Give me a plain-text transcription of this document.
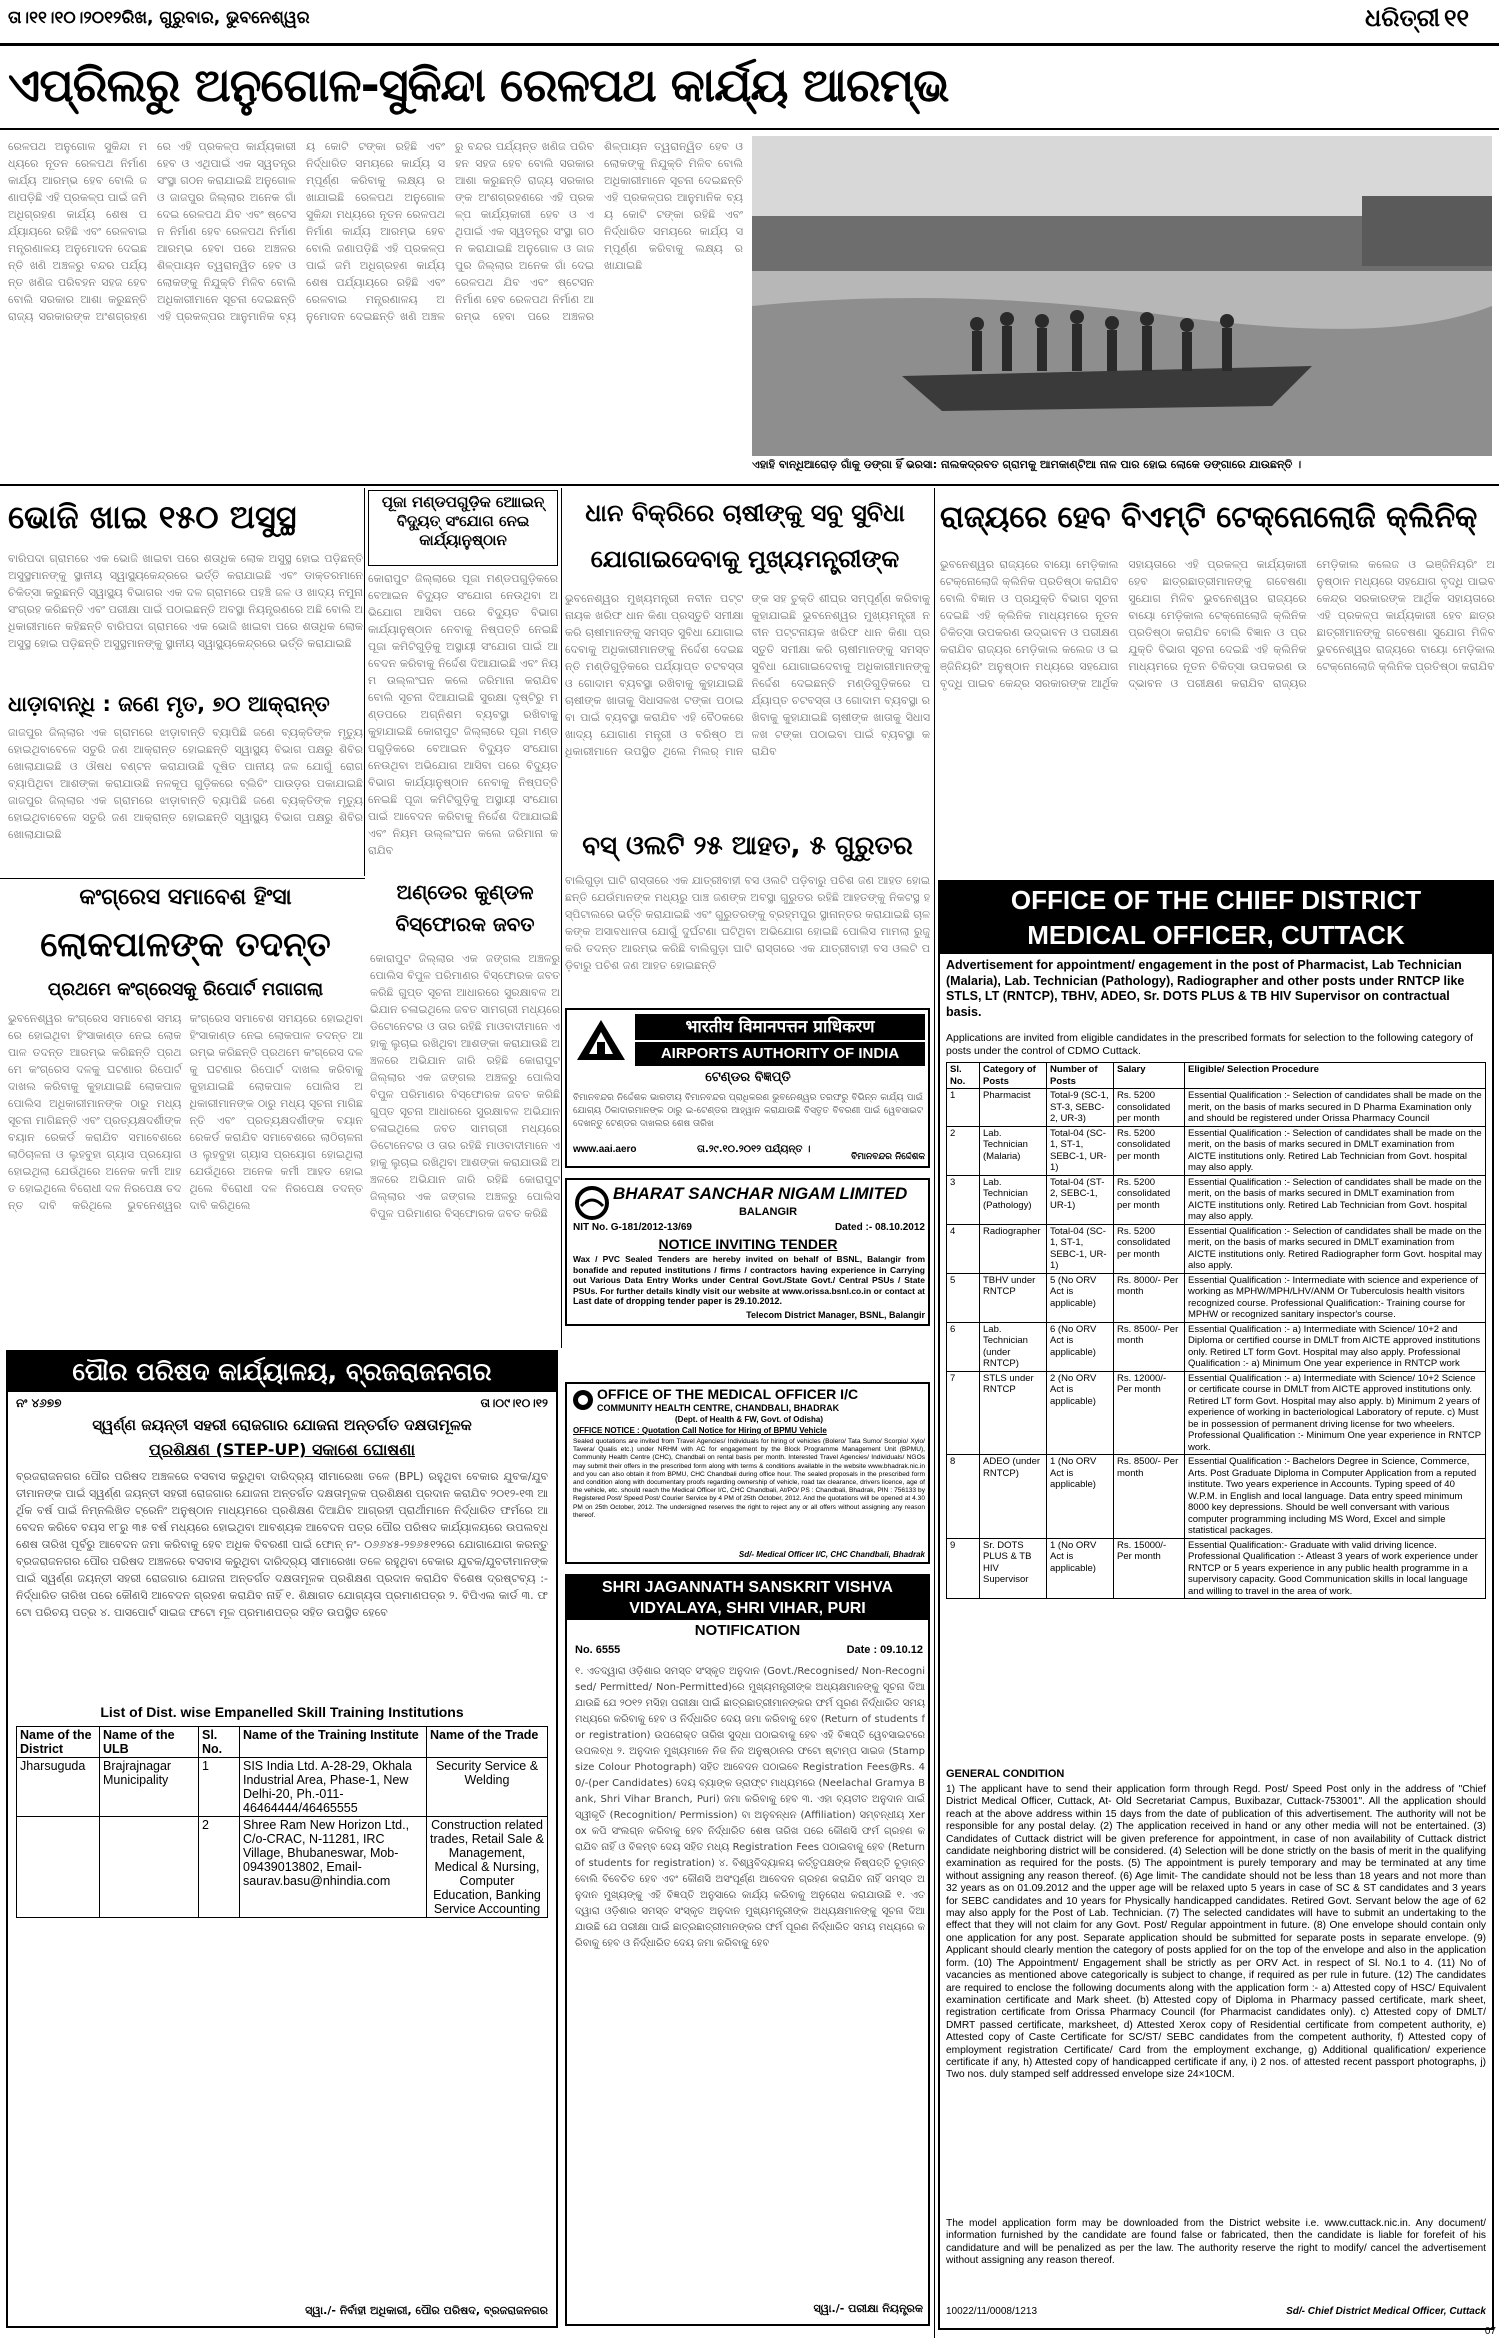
ତା।୧୧।୧୦।୨୦୧୨ରିଖ, ଗୁରୁବାର, ଭୁବନେଶ୍ୱର	ଧରିତ୍ରୀ ୧୧
ଏପ୍ରିଲରୁ ଅନୁଗୋଳ-ସୁକିନ୍ଦା ରେଳପଥ କାର୍ଯ୍ୟ ଆରମ୍ଭ
ରେଳପଥ ଅନୁଗୋଳ ସୁକିନ୍ଦା ମଧ୍ୟରେ ନୂତନ ରେଳପଥ ନିର୍ମାଣ କାର୍ଯ୍ୟ ଆରମ୍ଭ ହେବ ବୋଲି ଜଣାପଡ଼ିଛି ଏହି ପ୍ରକଳ୍ପ ପାଇଁ ଜମି ଅଧିଗ୍ରହଣ କାର୍ଯ୍ୟ ଶେଷ ପର୍ଯ୍ୟାୟରେ ରହିଛି ଏବଂ ରେଳବାଇ ମନ୍ତ୍ରଣାଳୟ ଅନୁମୋଦନ ଦେଇଛନ୍ତି ଖଣି ଅଞ୍ଚଳରୁ ବନ୍ଦର ପର୍ଯ୍ୟନ୍ତ ଖଣିଜ ପରିବହନ ସହଜ ହେବ ବୋଲି ସରକାର ଆଶା କରୁଛନ୍ତି ରାଜ୍ୟ ସରକାରଙ୍କ ଅଂଶଗ୍ରହଣରେ ଏହି ପ୍ରକଳ୍ପ କାର୍ଯ୍ୟକାରୀ ହେବ ଓ ଏଥିପାଇଁ ଏକ ସ୍ୱତନ୍ତ୍ର ସଂସ୍ଥା ଗଠନ କରାଯାଇଛି ଅନୁଗୋଳ ଓ ଜାଜପୁର ଜିଲ୍ଲାର ଅନେକ ଗାଁ ଦେଇ ରେଳପଥ ଯିବ ଏବଂ ଷ୍ଟେସନ ନିର୍ମାଣ ହେବ ରେଳପଥ ନିର୍ମାଣ ଆରମ୍ଭ ହେବା ପରେ ଅଞ୍ଚଳର ଶିଳ୍ପାୟନ ତ୍ୱରାନ୍ୱିତ ହେବ ଓ ଲୋକଙ୍କୁ ନିଯୁକ୍ତି ମିଳିବ ବୋଲି ଅଧିକାରୀମାନେ ସୂଚନା ଦେଇଛନ୍ତି ଏହି ପ୍ରକଳ୍ପର ଆନୁମାନିକ ବ୍ୟୟ କୋଟି ଟଙ୍କା ରହିଛି ଏବଂ ନିର୍ଦ୍ଧାରିତ ସମୟରେ କାର୍ଯ୍ୟ ସମ୍ପୂର୍ଣ୍ଣ କରିବାକୁ ଲକ୍ଷ୍ୟ ରଖାଯାଇଛି ରେଳପଥ ଅନୁଗୋଳ ସୁକିନ୍ଦା ମଧ୍ୟରେ ନୂତନ ରେଳପଥ ନିର୍ମାଣ କାର୍ଯ୍ୟ ଆରମ୍ଭ ହେବ ବୋଲି ଜଣାପଡ଼ିଛି ଏହି ପ୍ରକଳ୍ପ ପାଇଁ ଜମି ଅଧିଗ୍ରହଣ କାର୍ଯ୍ୟ ଶେଷ ପର୍ଯ୍ୟାୟରେ ରହିଛି ଏବଂ ରେଳବାଇ ମନ୍ତ୍ରଣାଳୟ ଅନୁମୋଦନ ଦେଇଛନ୍ତି ଖଣି ଅଞ୍ଚଳରୁ ବନ୍ଦର ପର୍ଯ୍ୟନ୍ତ ଖଣିଜ ପରିବହନ ସହଜ ହେବ ବୋଲି ସରକାର ଆଶା କରୁଛନ୍ତି ରାଜ୍ୟ ସରକାରଙ୍କ ଅଂଶଗ୍ରହଣରେ ଏହି ପ୍ରକଳ୍ପ କାର୍ଯ୍ୟକାରୀ ହେବ ଓ ଏଥିପାଇଁ ଏକ ସ୍ୱତନ୍ତ୍ର ସଂସ୍ଥା ଗଠନ କରାଯାଇଛି ଅନୁଗୋଳ ଓ ଜାଜପୁର ଜିଲ୍ଲାର ଅନେକ ଗାଁ ଦେଇ ରେଳପଥ ଯିବ ଏବଂ ଷ୍ଟେସନ ନିର୍ମାଣ ହେବ ରେଳପଥ ନିର୍ମାଣ ଆରମ୍ଭ ହେବା ପରେ ଅଞ୍ଚଳର ଶିଳ୍ପାୟନ ତ୍ୱରାନ୍ୱିତ ହେବ ଓ ଲୋକଙ୍କୁ ନିଯୁକ୍ତି ମିଳିବ ବୋଲି ଅଧିକାରୀମାନେ ସୂଚନା ଦେଇଛନ୍ତି ଏହି ପ୍ରକଳ୍ପର ଆନୁମାନିକ ବ୍ୟୟ କୋଟି ଟଙ୍କା ରହିଛି ଏବଂ ନିର୍ଦ୍ଧାରିତ ସମୟରେ କାର୍ଯ୍ୟ ସମ୍ପୂର୍ଣ୍ଣ କରିବାକୁ ଲକ୍ଷ୍ୟ ରଖାଯାଇଛି
ଏହାହି ବାନ୍ଧିଆରୋଡ଼ ଗାଁକୁ ଡଙ୍ଗା ହିଁ ଭରସା: ନାଲକଦ୍ରବତ ଗ୍ରାମକୁ ଆମକାଣ୍ଟିଆ ନାଳ ପାର ହୋଇ ଲୋକେ ଡଙ୍ଗାରେ ଯାଉଛନ୍ତି ।
ଭୋଜି ଖାଇ ୧୫୦ ଅସୁସ୍ଥ
ବାରିପଦା ଗ୍ରାମରେ ଏକ ଭୋଜି ଖାଇବା ପରେ ଶତାଧିକ ଲୋକ ଅସୁସ୍ଥ ହୋଇ ପଡ଼ିଛନ୍ତି ଅସୁସ୍ଥମାନଙ୍କୁ ସ୍ଥାନୀୟ ସ୍ୱାସ୍ଥ୍ୟକେନ୍ଦ୍ରରେ ଭର୍ତ୍ତି କରାଯାଇଛି ଏବଂ ଡାକ୍ତରମାନେ ଚିକିତ୍ସା କରୁଛନ୍ତି ସ୍ୱାସ୍ଥ୍ୟ ବିଭାଗର ଏକ ଦଳ ଗ୍ରାମରେ ପହଞ୍ଚି ଜଳ ଓ ଖାଦ୍ୟ ନମୁନା ସଂଗ୍ରହ କରିଛନ୍ତି ଏବଂ ପରୀକ୍ଷା ପାଇଁ ପଠାଇଛନ୍ତି ଅବସ୍ଥା ନିୟନ୍ତ୍ରଣରେ ଅଛି ବୋଲି ଅଧିକାରୀମାନେ କହିଛନ୍ତି ବାରିପଦା ଗ୍ରାମରେ ଏକ ଭୋଜି ଖାଇବା ପରେ ଶତାଧିକ ଲୋକ ଅସୁସ୍ଥ ହୋଇ ପଡ଼ିଛନ୍ତି ଅସୁସ୍ଥମାନଙ୍କୁ ସ୍ଥାନୀୟ ସ୍ୱାସ୍ଥ୍ୟକେନ୍ଦ୍ରରେ ଭର୍ତ୍ତି କରାଯାଇଛି
ଧାଡ଼ାବାନ୍ଧି : ଜଣେ ମୃତ, ୭୦ ଆକ୍ରାନ୍ତ
ଜାଜପୁର ଜିଲ୍ଲାର ଏକ ଗ୍ରାମରେ ଝାଡ଼ାବାନ୍ତି ବ୍ୟାପିଛି ଜଣେ ବ୍ୟକ୍ତିଙ୍କ ମୃତ୍ୟୁ ହୋଇଥିବାବେଳେ ସତୁରି ଜଣ ଆକ୍ରାନ୍ତ ହୋଇଛନ୍ତି ସ୍ୱାସ୍ଥ୍ୟ ବିଭାଗ ପକ୍ଷରୁ ଶିବିର ଖୋଲାଯାଇଛି ଓ ଔଷଧ ବଣ୍ଟନ କରାଯାଉଛି ଦୂଷିତ ପାନୀୟ ଜଳ ଯୋଗୁଁ ରୋଗ ବ୍ୟାପିଥିବା ଆଶଙ୍କା କରାଯାଉଛି ନଳକୂପ ଗୁଡ଼ିକରେ ବ୍ଲିଚିଂ ପାଉଡ଼ର ପକାଯାଇଛି ଜାଜପୁର ଜିଲ୍ଲାର ଏକ ଗ୍ରାମରେ ଝାଡ଼ାବାନ୍ତି ବ୍ୟାପିଛି ଜଣେ ବ୍ୟକ୍ତିଙ୍କ ମୃତ୍ୟୁ ହୋଇଥିବାବେଳେ ସତୁରି ଜଣ ଆକ୍ରାନ୍ତ ହୋଇଛନ୍ତି ସ୍ୱାସ୍ଥ୍ୟ ବିଭାଗ ପକ୍ଷରୁ ଶିବିର ଖୋଲାଯାଇଛି
ପୂଜା ମଣ୍ଡପଗୁଡ଼ିକ ଆୋଇନ୍ ବିଦ୍ୟୁତ୍ ସଂଯୋଗ ନେଇ କାର୍ଯ୍ୟାନୁଷ୍ଠାନ
କୋରାପୁଟ ଜିଲ୍ଲାରେ ପୂଜା ମଣ୍ଡପଗୁଡ଼ିକରେ ବେଆଇନ ବିଦ୍ୟୁତ ସଂଯୋଗ ନେଉଥିବା ଅଭିଯୋଗ ଆସିବା ପରେ ବିଦ୍ୟୁତ ବିଭାଗ କାର୍ଯ୍ୟାନୁଷ୍ଠାନ ନେବାକୁ ନିଷ୍ପତ୍ତି ନେଇଛି ପୂଜା କମିଟିଗୁଡ଼ିକୁ ଅସ୍ଥାୟୀ ସଂଯୋଗ ପାଇଁ ଆବେଦନ କରିବାକୁ ନିର୍ଦ୍ଦେଶ ଦିଆଯାଇଛି ଏବଂ ନିୟମ ଉଲ୍ଲଂଘନ କଲେ ଜରିମାନା କରାଯିବ ବୋଲି ସୂଚନା ଦିଆଯାଇଛି ସୁରକ୍ଷା ଦୃଷ୍ଟିରୁ ମଣ୍ଡପରେ ଅଗ୍ନିଶମ ବ୍ୟବସ୍ଥା ରଖିବାକୁ କୁହାଯାଇଛି କୋରାପୁଟ ଜିଲ୍ଲାରେ ପୂଜା ମଣ୍ଡପଗୁଡ଼ିକରେ ବେଆଇନ ବିଦ୍ୟୁତ ସଂଯୋଗ ନେଉଥିବା ଅଭିଯୋଗ ଆସିବା ପରେ ବିଦ୍ୟୁତ ବିଭାଗ କାର୍ଯ୍ୟାନୁଷ୍ଠାନ ନେବାକୁ ନିଷ୍ପତ୍ତି ନେଇଛି ପୂଜା କମିଟିଗୁଡ଼ିକୁ ଅସ୍ଥାୟୀ ସଂଯୋଗ ପାଇଁ ଆବେଦନ କରିବାକୁ ନିର୍ଦ୍ଦେଶ ଦିଆଯାଇଛି ଏବଂ ନିୟମ ଉଲ୍ଲଂଘନ କଲେ ଜରିମାନା କରାଯିବ
ଧାନ ବିକ୍ରିରେ ଚାଷୀଙ୍କୁ ସବୁ ସୁବିଧା ଯୋଗାଇଦେବାକୁ ମୁଖ୍ୟମନ୍ତ୍ରୀଙ୍କ
ଭୁବନେଶ୍ୱର ମୁଖ୍ୟମନ୍ତ୍ରୀ ନବୀନ ପଟ୍ଟନାୟକ ଖରିଫ ଧାନ କିଣା ପ୍ରସ୍ତୁତି ସମୀକ୍ଷା କରି ଚାଷୀମାନଙ୍କୁ ସମସ୍ତ ସୁବିଧା ଯୋଗାଇଦେବାକୁ ଅଧିକାରୀମାନଙ୍କୁ ନିର୍ଦ୍ଦେଶ ଦେଇଛନ୍ତି ମଣ୍ଡିଗୁଡ଼ିକରେ ପର୍ଯ୍ୟାପ୍ତ ଚଟବସ୍ତା ଓ ଗୋଦାମ ବ୍ୟବସ୍ଥା ରଖିବାକୁ କୁହାଯାଇଛି ଚାଷୀଙ୍କ ଖାତାକୁ ସିଧାସଳଖ ଟଙ୍କା ପଠାଇବା ପାଇଁ ବ୍ୟବସ୍ଥା କରାଯିବ ଏହି ବୈଠକରେ ଖାଦ୍ୟ ଯୋଗାଣ ମନ୍ତ୍ରୀ ଓ ବରିଷ୍ଠ ଅଧିକାରୀମାନେ ଉପସ୍ଥିତ ଥିଲେ ମିଲର୍ ମାନଙ୍କ ସହ ଚୁକ୍ତି ଶୀଘ୍ର ସମ୍ପୂର୍ଣ୍ଣ କରିବାକୁ କୁହାଯାଇଛି ଭୁବନେଶ୍ୱର ମୁଖ୍ୟମନ୍ତ୍ରୀ ନବୀନ ପଟ୍ଟନାୟକ ଖରିଫ ଧାନ କିଣା ପ୍ରସ୍ତୁତି ସମୀକ୍ଷା କରି ଚାଷୀମାନଙ୍କୁ ସମସ୍ତ ସୁବିଧା ଯୋଗାଇଦେବାକୁ ଅଧିକାରୀମାନଙ୍କୁ ନିର୍ଦ୍ଦେଶ ଦେଇଛନ୍ତି ମଣ୍ଡିଗୁଡ଼ିକରେ ପର୍ଯ୍ୟାପ୍ତ ଚଟବସ୍ତା ଓ ଗୋଦାମ ବ୍ୟବସ୍ଥା ରଖିବାକୁ କୁହାଯାଇଛି ଚାଷୀଙ୍କ ଖାତାକୁ ସିଧାସଳଖ ଟଙ୍କା ପଠାଇବା ପାଇଁ ବ୍ୟବସ୍ଥା କରାଯିବ
ରାଜ୍ୟରେ ହେବ ବିଏମ୍‌ଟି ଟେକ୍ନୋଲୋଜି କ୍ଲିନିକ୍
ଭୁବନେଶ୍ୱର ରାଜ୍ୟରେ ବାୟୋ ମେଡ଼ିକାଲ ଟେକ୍ନୋଲୋଜି କ୍ଲିନିକ ପ୍ରତିଷ୍ଠା କରାଯିବ ବୋଲି ବିଜ୍ଞାନ ଓ ପ୍ରଯୁକ୍ତି ବିଭାଗ ସୂଚନା ଦେଇଛି ଏହି କ୍ଲିନିକ ମାଧ୍ୟମରେ ନୂତନ ଚିକିତ୍ସା ଉପକରଣ ଉଦ୍ଭାବନ ଓ ପରୀକ୍ଷଣ କରାଯିବ ରାଜ୍ୟର ମେଡ଼ିକାଲ କଲେଜ ଓ ଇଞ୍ଜିନିୟରିଂ ଅନୁଷ୍ଠାନ ମଧ୍ୟରେ ସହଯୋଗ ବୃଦ୍ଧି ପାଇବ କେନ୍ଦ୍ର ସରକାରଙ୍କ ଆର୍ଥିକ ସହାୟତାରେ ଏହି ପ୍ରକଳ୍ପ କାର୍ଯ୍ୟକାରୀ ହେବ ଛାତ୍ରଛାତ୍ରୀମାନଙ୍କୁ ଗବେଷଣା ସୁଯୋଗ ମିଳିବ ଭୁବନେଶ୍ୱର ରାଜ୍ୟରେ ବାୟୋ ମେଡ଼ିକାଲ ଟେକ୍ନୋଲୋଜି କ୍ଲିନିକ ପ୍ରତିଷ୍ଠା କରାଯିବ ବୋଲି ବିଜ୍ଞାନ ଓ ପ୍ରଯୁକ୍ତି ବିଭାଗ ସୂଚନା ଦେଇଛି ଏହି କ୍ଲିନିକ ମାଧ୍ୟମରେ ନୂତନ ଚିକିତ୍ସା ଉପକରଣ ଉଦ୍ଭାବନ ଓ ପରୀକ୍ଷଣ କରାଯିବ ରାଜ୍ୟର ମେଡ଼ିକାଲ କଲେଜ ଓ ଇଞ୍ଜିନିୟରିଂ ଅନୁଷ୍ଠାନ ମଧ୍ୟରେ ସହଯୋଗ ବୃଦ୍ଧି ପାଇବ କେନ୍ଦ୍ର ସରକାରଙ୍କ ଆର୍ଥିକ ସହାୟତାରେ ଏହି ପ୍ରକଳ୍ପ କାର୍ଯ୍ୟକାରୀ ହେବ ଛାତ୍ରଛାତ୍ରୀମାନଙ୍କୁ ଗବେଷଣା ସୁଯୋଗ ମିଳିବ ଭୁବନେଶ୍ୱର ରାଜ୍ୟରେ ବାୟୋ ମେଡ଼ିକାଲ ଟେକ୍ନୋଲୋଜି କ୍ଲିନିକ ପ୍ରତିଷ୍ଠା କରାଯିବ
କଂଗ୍ରେସ ସମାବେଶ ହିଂସା
ଲୋକପାଳଙ୍କ ତଦନ୍ତ
ପ୍ରଥମେ କଂଗ୍ରେସକୁ ରିପୋର୍ଟ ମଗାଗଲା
ଭୁବନେଶ୍ୱର କଂଗ୍ରେସ ସମାବେଶ ସମୟରେ ହୋଇଥିବା ହିଂସାକାଣ୍ଡ ନେଇ ଲୋକପାଳ ତଦନ୍ତ ଆରମ୍ଭ କରିଛନ୍ତି ପ୍ରଥମେ କଂଗ୍ରେସ ଦଳକୁ ଘଟଣାର ରିପୋର୍ଟ ଦାଖଲ କରିବାକୁ କୁହାଯାଇଛି ଲୋକପାଳ ପୋଲିସ ଅଧିକାରୀମାନଙ୍କ ଠାରୁ ମଧ୍ୟ ସୂଚନା ମାଗିଛନ୍ତି ଏବଂ ପ୍ରତ୍ୟକ୍ଷଦର୍ଶୀଙ୍କ ବୟାନ ରେକର୍ଡ କରାଯିବ ସମାବେଶରେ ଲାଠିଚାଳନା ଓ ଲୁହବୁହା ଗ୍ୟାସ ପ୍ରୟୋଗ ହୋଇଥିଲା ଯେଉଁଥିରେ ଅନେକ କର୍ମୀ ଆହତ ହୋଇଥିଲେ ବିରୋଧୀ ଦଳ ନିରପେକ୍ଷ ତଦନ୍ତ ଦାବି କରିଥିଲେ ଭୁବନେଶ୍ୱର କଂଗ୍ରେସ ସମାବେଶ ସମୟରେ ହୋଇଥିବା ହିଂସାକାଣ୍ଡ ନେଇ ଲୋକପାଳ ତଦନ୍ତ ଆରମ୍ଭ କରିଛନ୍ତି ପ୍ରଥମେ କଂଗ୍ରେସ ଦଳକୁ ଘଟଣାର ରିପୋର୍ଟ ଦାଖଲ କରିବାକୁ କୁହାଯାଇଛି ଲୋକପାଳ ପୋଲିସ ଅଧିକାରୀମାନଙ୍କ ଠାରୁ ମଧ୍ୟ ସୂଚନା ମାଗିଛନ୍ତି ଏବଂ ପ୍ରତ୍ୟକ୍ଷଦର୍ଶୀଙ୍କ ବୟାନ ରେକର୍ଡ କରାଯିବ ସମାବେଶରେ ଲାଠିଚାଳନା ଓ ଲୁହବୁହା ଗ୍ୟାସ ପ୍ରୟୋଗ ହୋଇଥିଲା ଯେଉଁଥିରେ ଅନେକ କର୍ମୀ ଆହତ ହୋଇଥିଲେ ବିରୋଧୀ ଦଳ ନିରପେକ୍ଷ ତଦନ୍ତ ଦାବି କରିଥିଲେ
ଅଣ୍ଡେର କୁଣ୍ଡଳ ବିସ୍ଫୋରକ ଜବତ
କୋରାପୁଟ ଜିଲ୍ଲାର ଏକ ଜଙ୍ଗଲ ଅଞ୍ଚଳରୁ ପୋଲିସ ବିପୁଳ ପରିମାଣର ବିସ୍ଫୋରକ ଜବତ କରିଛି ଗୁପ୍ତ ସୂଚନା ଆଧାରରେ ସୁରକ୍ଷାବଳ ଅଭିଯାନ ଚଳାଇଥିଲେ ଜବତ ସାମଗ୍ରୀ ମଧ୍ୟରେ ଡିଟୋନେଟର ଓ ତାର ରହିଛି ମାଓବାଦୀମାନେ ଏହାକୁ ଲୁଚାଇ ରଖିଥିବା ଆଶଙ୍କା କରାଯାଉଛି ଅଞ୍ଚଳରେ ଅଭିଯାନ ଜାରି ରହିଛି କୋରାପୁଟ ଜିଲ୍ଲାର ଏକ ଜଙ୍ଗଲ ଅଞ୍ଚଳରୁ ପୋଲିସ ବିପୁଳ ପରିମାଣର ବିସ୍ଫୋରକ ଜବତ କରିଛି ଗୁପ୍ତ ସୂଚନା ଆଧାରରେ ସୁରକ୍ଷାବଳ ଅଭିଯାନ ଚଳାଇଥିଲେ ଜବତ ସାମଗ୍ରୀ ମଧ୍ୟରେ ଡିଟୋନେଟର ଓ ତାର ରହିଛି ମାଓବାଦୀମାନେ ଏହାକୁ ଲୁଚାଇ ରଖିଥିବା ଆଶଙ୍କା କରାଯାଉଛି ଅଞ୍ଚଳରେ ଅଭିଯାନ ଜାରି ରହିଛି କୋରାପୁଟ ଜିଲ୍ଲାର ଏକ ଜଙ୍ଗଲ ଅଞ୍ଚଳରୁ ପୋଲିସ ବିପୁଳ ପରିମାଣର ବିସ୍ଫୋରକ ଜବତ କରିଛି
ବସ୍ ଓଲଟି ୨୫ ଆହତ, ୫ ଗୁରୁତର
ବାଲିଗୁଡ଼ା ଘାଟି ରାସ୍ତାରେ ଏକ ଯାତ୍ରୀବାହୀ ବସ ଓଲଟି ପଡ଼ିବାରୁ ପଚିଶ ଜଣ ଆହତ ହୋଇଛନ୍ତି ଯେଉଁମାନଙ୍କ ମଧ୍ୟରୁ ପାଞ୍ଚ ଜଣଙ୍କ ଅବସ୍ଥା ଗୁରୁତର ରହିଛି ଆହତଙ୍କୁ ନିକଟସ୍ଥ ହସ୍ପିଟାଲରେ ଭର୍ତ୍ତି କରାଯାଇଛି ଏବଂ ଗୁରୁତରଙ୍କୁ ବ୍ରହ୍ମପୁର ସ୍ଥାନାନ୍ତର କରାଯାଇଛି ଚାଳକଙ୍କ ଅସାବଧାନତା ଯୋଗୁଁ ଦୁର୍ଘଟଣା ଘଟିଥିବା ଅଭିଯୋଗ ହୋଇଛି ପୋଲିସ ମାମଲା ରୁଜୁ କରି ତଦନ୍ତ ଆରମ୍ଭ କରିଛି ବାଲିଗୁଡ଼ା ଘାଟି ରାସ୍ତାରେ ଏକ ଯାତ୍ରୀବାହୀ ବସ ଓଲଟି ପଡ଼ିବାରୁ ପଚିଶ ଜଣ ଆହତ ହୋଇଛନ୍ତି
भारतीय विमानपत्तन प्राधिकरण
AIRPORTS AUTHORITY OF INDIA
ଟେଣ୍ଡର ବିଜ୍ଞପ୍ତି
ବିମାନବନ୍ଦର ନିର୍ଦ୍ଦେଶକ ଭାରତୀୟ ବିମାନବନ୍ଦର ପ୍ରାଧିକରଣ ଭୁବନେଶ୍ୱର ତରଫରୁ ବିଭିନ୍ନ କାର୍ଯ୍ୟ ପାଇଁ ଯୋଗ୍ୟ ଠିକାଦାରମାନଙ୍କ ଠାରୁ ଇ-ଟେଣ୍ଡର ଆହ୍ୱାନ କରାଯାଉଛି ବିସ୍ତୃତ ବିବରଣୀ ପାଇଁ ୱେବସାଇଟ ଦେଖନ୍ତୁ ଟେଣ୍ଡର ଦାଖଲର ଶେଷ ତାରିଖ
www.aai.aero	ତା.୨୯.୧୦.୨୦୧୨ ପର୍ଯ୍ୟନ୍ତ ।
ବିମାନବନ୍ଦର ନିର୍ଦ୍ଦେଶକ
BHARAT SANCHAR NIGAM LIMITED
BALANGIR
NIT No. G-181/2012-13/69	Dated :- 08.10.2012
NOTICE INVITING TENDER
Wax / PVC Sealed Tenders are hereby invited on behalf of BSNL, Balangir from bonafide and reputed institutions / firms / contractors having experience in Carrying out Various Data Entry Works under Central Govt./State Govt./ Central PSUs / State PSUs. For further details kindly visit our website at www.orissa.bsnl.co.in or contact at
Last date of dropping tender paper is 29.10.2012.
Telecom District Manager, BSNL, Balangir
OFFICE OF THE MEDICAL OFFICER I/C
COMMUNITY HEALTH CENTRE, CHANDBALI, BHADRAK
(Dept. of Health & FW, Govt. of Odisha)
OFFICE NOTICE : Quotation Call Notice for Hiring of BPMU Vehicle
Sealed quotations are invited from Travel Agencies/ Individuals for hiring of vehicles (Bolero/ Tata Sumo/ Scorpio/ Xylo/ Tavera/ Qualis etc.) under NRHM with AC for engagement by the Block Programme Management Unit (BPMU), Community Health Centre (CHC), Chandbali on rental basis per month. Interested Travel Agencies/ Individuals/ NGOs may submit their offers in the prescribed form along with terms & conditions available in the website www.bhadrak.nic.in and you can also obtain it from BPMU, CHC Chandbali during office hour. The sealed proposals in the prescribed form and condition along with documentary proofs regarding ownership of vehicle, road tax clearance, drivers licence, age of the vehicle, etc. should reach the Medical Officer I/C, CHC Chandbali, At/PO/ PS : Chandbali, Bhadrak, PIN : 756133 by Registered Post/ Speed Post/ Courier Service by 4 PM of 25th October, 2012. And the quotations will be opened at 4.30 PM on 25th October, 2012. The undersigned reserves the right to reject any or all offers without assigning any reason thereof.
Sd/- Medical Officer I/C, CHC Chandbali, Bhadrak
SHRI JAGANNATH SANSKRIT VISHVA VIDYALAYA, SHRI VIHAR, PURI
NOTIFICATION
No. 6555	Date : 09.10.12
୧. ଏତଦ୍ୱାରା ଓଡ଼ିଶାର ସମସ୍ତ ସଂସ୍କୃତ ଅନୁଦାନ (Govt./Recognised/ Non-Recognised/ Permitted/ Non-Permitted)ରେ ମୁଖ୍ୟମନ୍ତ୍ରୀଙ୍କ ଅଧ୍ୟକ୍ଷମାନଙ୍କୁ ସୂଚନା ଦିଆଯାଉଛି ଯେ ୨୦୧୨ ମସିହା ପରୀକ୍ଷା ପାଇଁ ଛାତ୍ରଛାତ୍ରୀମାନଙ୍କର ଫର୍ମ ପୂରଣ ନିର୍ଦ୍ଧାରିତ ସମୟ ମଧ୍ୟରେ କରିବାକୁ ହେବ ଓ ନିର୍ଦ୍ଧାରିତ ଦେୟ ଜମା କରିବାକୁ ହେବ (Return of students for registration) ଉପରୋକ୍ତ ତାରିଖ ସୁଦ୍ଧା ପଠାଇବାକୁ ହେବ ଏହି ବିଜ୍ଞପ୍ତି ୱେବସାଇଟରେ ଉପଲବ୍ଧ ୨. ଅନୁଦାନ ମୁଖ୍ୟମାନେ ନିଜ ନିଜ ଅନୁଷ୍ଠାନର ଫଟୋ ଷ୍ଟାମ୍ପ ସାଇଜ (Stamp size Colour Photograph) ସହିତ ଆବେଦନ ପଠାଇବେ Registration Fees@Rs. 40/-(per Candidates) ଦେୟ ବ୍ୟାଙ୍କ ଡ୍ରାଫ୍ଟ ମାଧ୍ୟମରେ (Neelachal Gramya Bank, Shri Vihar Branch, Puri) ଜମା କରିବାକୁ ହେବ ୩. ଏହା ବ୍ୟତୀତ ଅନୁଦାନ ପାଇଁ ସ୍ୱୀକୃତି (Recognition/ Permission) ବା ଅନୁବନ୍ଧନ (Affiliation) ସମ୍ବନ୍ଧୀୟ Xerox କପି ସଂଲଗ୍ନ କରିବାକୁ ହେବ ନିର୍ଦ୍ଧାରିତ ଶେଷ ତାରିଖ ପରେ କୌଣସି ଫର୍ମ ଗ୍ରହଣ କରାଯିବ ନାହିଁ ଓ ବିଳମ୍ବ ଦେୟ ସହିତ ମଧ୍ୟ Registration Fees ପଠାଇବାକୁ ହେବ (Return of students for registration) ୪. ବିଶ୍ୱବିଦ୍ୟାଳୟ କର୍ତ୍ତୃପକ୍ଷଙ୍କ ନିଷ୍ପତ୍ତି ଚୂଡ଼ାନ୍ତ ବୋଲି ବିବେଚିତ ହେବ ଏବଂ କୌଣସି ଅସଂପୂର୍ଣ୍ଣ ଆବେଦନ ଗ୍ରହଣ କରାଯିବ ନାହିଁ ସମସ୍ତ ଅନୁଦାନ ମୁଖ୍ୟଙ୍କୁ ଏହି ବିଜ୍ଞପ୍ତି ଅନୁସାରେ କାର୍ଯ୍ୟ କରିବାକୁ ଅନୁରୋଧ କରାଯାଉଛି ୧. ଏତଦ୍ୱାରା ଓଡ଼ିଶାର ସମସ୍ତ ସଂସ୍କୃତ ଅନୁଦାନ ମୁଖ୍ୟମନ୍ତ୍ରୀଙ୍କ ଅଧ୍ୟକ୍ଷମାନଙ୍କୁ ସୂଚନା ଦିଆଯାଉଛି ଯେ ପରୀକ୍ଷା ପାଇଁ ଛାତ୍ରଛାତ୍ରୀମାନଙ୍କର ଫର୍ମ ପୂରଣ ନିର୍ଦ୍ଧାରିତ ସମୟ ମଧ୍ୟରେ କରିବାକୁ ହେବ ଓ ନିର୍ଦ୍ଧାରିତ ଦେୟ ଜମା କରିବାକୁ ହେବ
ସ୍ୱା./- ପରୀକ୍ଷା ନିୟନ୍ତ୍ରକ
ପୌର ପରିଷଦ କାର୍ଯ୍ୟାଳୟ, ବ୍ରଜରାଜନଗର
ନଂ ୪୬୭୭	ତା।୦୯।୧୦।୧୨
ସ୍ୱର୍ଣ୍ଣ ଜୟନ୍ତୀ ସହରୀ ରୋଜଗାର ଯୋଜନା ଅନ୍ତର୍ଗତ ଦକ୍ଷତାମୂଳକ
ପ୍ରଶିକ୍ଷଣ (STEP-UP) ସକାଶେ ଘୋଷଣା
ବ୍ରଜରାଜନଗର ପୌର ପରିଷଦ ଅଞ୍ଚଳରେ ବସବାସ କରୁଥିବା ଦାରିଦ୍ର୍ୟ ସୀମାରେଖା ତଳେ (BPL) ରହୁଥିବା ବେକାର ଯୁବକ/ଯୁବତୀମାନଙ୍କ ପାଇଁ ସ୍ୱର୍ଣ୍ଣ ଜୟନ୍ତୀ ସହରୀ ରୋଜଗାର ଯୋଜନା ଅନ୍ତର୍ଗତ ଦକ୍ଷତାମୂଳକ ପ୍ରଶିକ୍ଷଣ ପ୍ରଦାନ କରାଯିବ ୨୦୧୨-୧୩ ଆର୍ଥିକ ବର୍ଷ ପାଇଁ ନିମ୍ନଲିଖିତ ଟ୍ରେନିଂ ଅନୁଷ୍ଠାନ ମାଧ୍ୟମରେ ପ୍ରଶିକ୍ଷଣ ଦିଆଯିବ ଆଗ୍ରହୀ ପ୍ରାର୍ଥୀମାନେ ନିର୍ଦ୍ଧାରିତ ଫର୍ମରେ ଆବେଦନ କରିବେ ବୟସ ୧୮ରୁ ୩୫ ବର୍ଷ ମଧ୍ୟରେ ହୋଇଥିବା ଆବଶ୍ୟକ ଆବେଦନ ପତ୍ର ପୌର ପରିଷଦ କାର୍ଯ୍ୟାଳୟରେ ଉପଲବ୍ଧ ଶେଷ ତାରିଖ ପୂର୍ବରୁ ଆବେଦନ ଜମା କରିବାକୁ ହେବ ଅଧିକ ବିବରଣୀ ପାଇଁ ଫୋନ୍ ନଂ- ୦୬୬୪୫-୨୭୬୫୧୨ରେ ଯୋଗାଯୋଗ କରନ୍ତୁ ବ୍ରଜରାଜନଗର ପୌର ପରିଷଦ ଅଞ୍ଚଳରେ ବସବାସ କରୁଥିବା ଦାରିଦ୍ର୍ୟ ସୀମାରେଖା ତଳେ ରହୁଥିବା ବେକାର ଯୁବକ/ଯୁବତୀମାନଙ୍କ ପାଇଁ ସ୍ୱର୍ଣ୍ଣ ଜୟନ୍ତୀ ସହରୀ ରୋଜଗାର ଯୋଜନା ଅନ୍ତର୍ଗତ ଦକ୍ଷତାମୂଳକ ପ୍ରଶିକ୍ଷଣ ପ୍ରଦାନ କରାଯିବ ବିଶେଷ ଦ୍ରଷ୍ଟବ୍ୟ :- ନିର୍ଦ୍ଧାରିତ ତାରିଖ ପରେ କୌଣସି ଆବେଦନ ଗ୍ରହଣ କରାଯିବ ନାହିଁ ୧. ଶିକ୍ଷାଗତ ଯୋଗ୍ୟତା ପ୍ରମାଣପତ୍ର ୨. ବିପିଏଲ କାର୍ଡ ୩. ଫଟୋ ପରିଚୟ ପତ୍ର ୪. ପାସପୋର୍ଟ ସାଇଜ ଫଟୋ ମୂଳ ପ୍ରମାଣପତ୍ର ସହିତ ଉପସ୍ଥିତ ହେବେ
List of Dist. wise Empanelled Skill Training Institutions
Name of the District	Name of the ULB	Sl. No.	Name of the Training Institute	Name of the Trade
Jharsuguda	Brajrajnagar Municipality	1	SIS India Ltd. A-28-29, Okhala Industrial Area, Phase-1, New Delhi-20, Ph.-011-46464444/46465555	Security Service & Welding
		2	Shree Ram New Horizon Ltd., C/o-CRAC, N-11281, IRC Village, Bhubaneswar, Mob-09439013802, Email-saurav.basu@nhindia.com	Construction related trades, Retail Sale & Management, Medical & Nursing, Computer Education, Banking Service Accounting
ସ୍ୱା./- ନିର୍ବାହୀ ଅଧିକାରୀ, ପୌର ପରିଷଦ, ବ୍ରଜରାଜନଗର
OFFICE OF THE CHIEF DISTRICT
MEDICAL OFFICER, CUTTACK
Advertisement for appointment/ engagement in the post of Pharmacist, Lab Technician (Malaria), Lab. Technician (Pathology), Radiographer and other posts under RNTCP like STLS, LT (RNTCP), TBHV, ADEO, Sr. DOTS PLUS & TB HIV Supervisor on contractual basis.
Applications are invited from eligible candidates in the prescribed formats for selection to the following category of posts under the control of CDMO Cuttack.
Sl. No.	Category of Posts	Number of Posts	Salary	Eligible/ Selection Procedure
1	Pharmacist	Total-9 (SC-1, ST-3, SEBC-2, UR-3)	Rs. 5200 consolidated per month	Essential Qualification :- Selection of candidates shall be made on the merit, on the basis of marks secured in D Pharma Examination only and should be registered under Orissa Pharmacy Council
2	Lab. Technician (Malaria)	Total-04 (SC-1, ST-1, SEBC-1, UR-1)	Rs. 5200 consolidated per month	Essential Qualification :- Selection of candidates shall be made on the merit, on the basis of marks secured in DMLT examination from AICTE institutions only. Retired Lab Technician from Govt. hospital may also apply.
3	Lab. Technician (Pathology)	Total-04 (ST-2, SEBC-1, UR-1)	Rs. 5200 consolidated per month	Essential Qualification :- Selection of candidates shall be made on the merit, on the basis of marks secured in DMLT examination from AICTE institutions only. Retired Lab Technician from Govt. hospital may also apply.
4	Radiographer	Total-04 (SC-1, ST-1, SEBC-1, UR-1)	Rs. 5200 consolidated per month	Essential Qualification :- Selection of candidates shall be made on the merit, on the basis of marks secured in DMLT examination from AICTE institutions only. Retired Radiographer form Govt. hospital may also apply.
5	TBHV under RNTCP	5 (No ORV Act is applicable)	Rs. 8000/- Per month	Essential Qualification :- Intermediate with science and experience of working as MPHW/MPH/LHV/ANM Or Tuberculosis health visitors recognized course. Professional Qualification:- Training course for MPHW or recognized sanitary inspector's course.
6	Lab. Technician (under RNTCP)	6 (No ORV Act is applicable)	Rs. 8500/- Per month	Essential Qualification :- a) Intermediate with Science/ 10+2 and Diploma or certified course in DMLT from AICTE approved institutions only. Retired LT form Govt. Hospital may also apply. Professional Qualification :- a) Minimum One year experience in RNTCP work
7	STLS under RNTCP	2 (No ORV Act is applicable)	Rs. 12000/- Per month	Essential Qualification :- a) Intermediate with Science/ 10+2 Science or certificate course in DMLT from AICTE approved institutions only. Retired LT form Govt. Hospital may also apply. b) Minimum 2 years of experience of working in bacteriological Laboratory of repute. c) Must be in possession of permanent driving license for two wheelers. Professional Qualification :- Minimum One year experience in RNTCP work.
8	ADEO (under RNTCP)	1 (No ORV Act is applicable)	Rs. 8500/- Per month	Essential Qualification :- Bachelors Degree in Science, Commerce, Arts. Post Graduate Diploma in Computer Application from a reputed institute. Two years experience in Accounts. Typing speed of 40 W.P.M. in English and local language. Data entry speed minimum 8000 key depressions. Should be well conversant with various computer programming including MS Word, Excel and simple statistical packages.
9	Sr. DOTS PLUS & TB HIV Supervisor	1 (No ORV Act is applicable)	Rs. 15000/- Per month	Essential Qualification:- Graduate with valid driving licence. Professional Qualification :- Atleast 3 years of work experience under RNTCP or 5 years experience in any public health programme in a supervisory capacity. Good Communication skills in local language and willing to travel in the area of work.
GENERAL CONDITION
1) The applicant have to send their application form through Regd. Post/ Speed Post only in the address of "Chief District Medical Officer, Cuttack, At- Old Secretariat Campus, Buxibazar, Cuttack-753001". All the application should reach at the above address within 15 days from the date of publication of this advertisement. The authority will not be responsible for any postal delay. (2) The application received in hand or any other media will not be entertained. (3) Candidates of Cuttack district will be given preference for appointment, in case of non availability of Cuttack district candidate neighboring district will be considered. (4) Selection will be done strictly on the basis of merit in the qualifying examination as required for the posts. (5) The appointment is purely temporary and may be terminated at any time without assigning any reason thereof. (6) Age limit- The candidate should not be less than 18 years and not more than 32 years as on 01.09.2012 and the upper age will be relaxed upto 5 years in case of SC & ST candidates and 3 years for SEBC candidates and 10 years for Physically handicapped candidates. Retired Govt. Servant below the age of 62 may also apply for the Post of Lab. Technician. (7) The selected candidates will have to submit an undertaking to the effect that they will not claim for any Govt. Post/ Regular appointment in future. (8) One envelope should contain only one application for any post. Separate application should be submitted for separate posts in separate envelope. (9) Applicant should clearly mention the category of posts applied for on the top of the envelope and also in the application form. (10) The Appointment/ Engagement shall be strictly as per ORV Act. in respect of Sl. No.1 to 4. (11) No of vacancies as mentioned above categorically is subject to change, if required as per rule in future. (12) The candidates are required to enclose the following documents along with the application form :- a) Attested copy of HSC/ Equivalent examination certificate and Mark sheet. (b) Attested copy of Diploma in Pharmacy passed certificate, mark sheet, registration certificate from Orissa Pharmacy Council (for Pharmacist candidates only). c) Attested copy of DMLT/ DMRT passed certificate, marksheet, d) Attested Xerox copy of Residential certificate from competent authority, e) Attested copy of Caste Certificate for SC/ST/ SEBC candidates from the competent authority, f) Attested copy of employment registration Certificate/ Card from the employment exchange, g) Additional qualification/ experience certificate if any, h) Attested copy of handicapped certificate if any, i) 2 nos. of attested recent passport photographs, j) Two nos. duly stamped self addressed envelope size 24×10CM.
The model application form may be downloaded from the District website i.e. www.cuttack.nic.in. Any document/ information furnished by the candidate are found false or fabricated, then the candidate is liable for forefeit of his candidature and will be penalized as per the law. The authority reserve the right to modify/ cancel the advertisement without assigning any reason thereof.
10022/11/0008/1213	Sd/- Chief District Medical Officer, Cuttack
07
